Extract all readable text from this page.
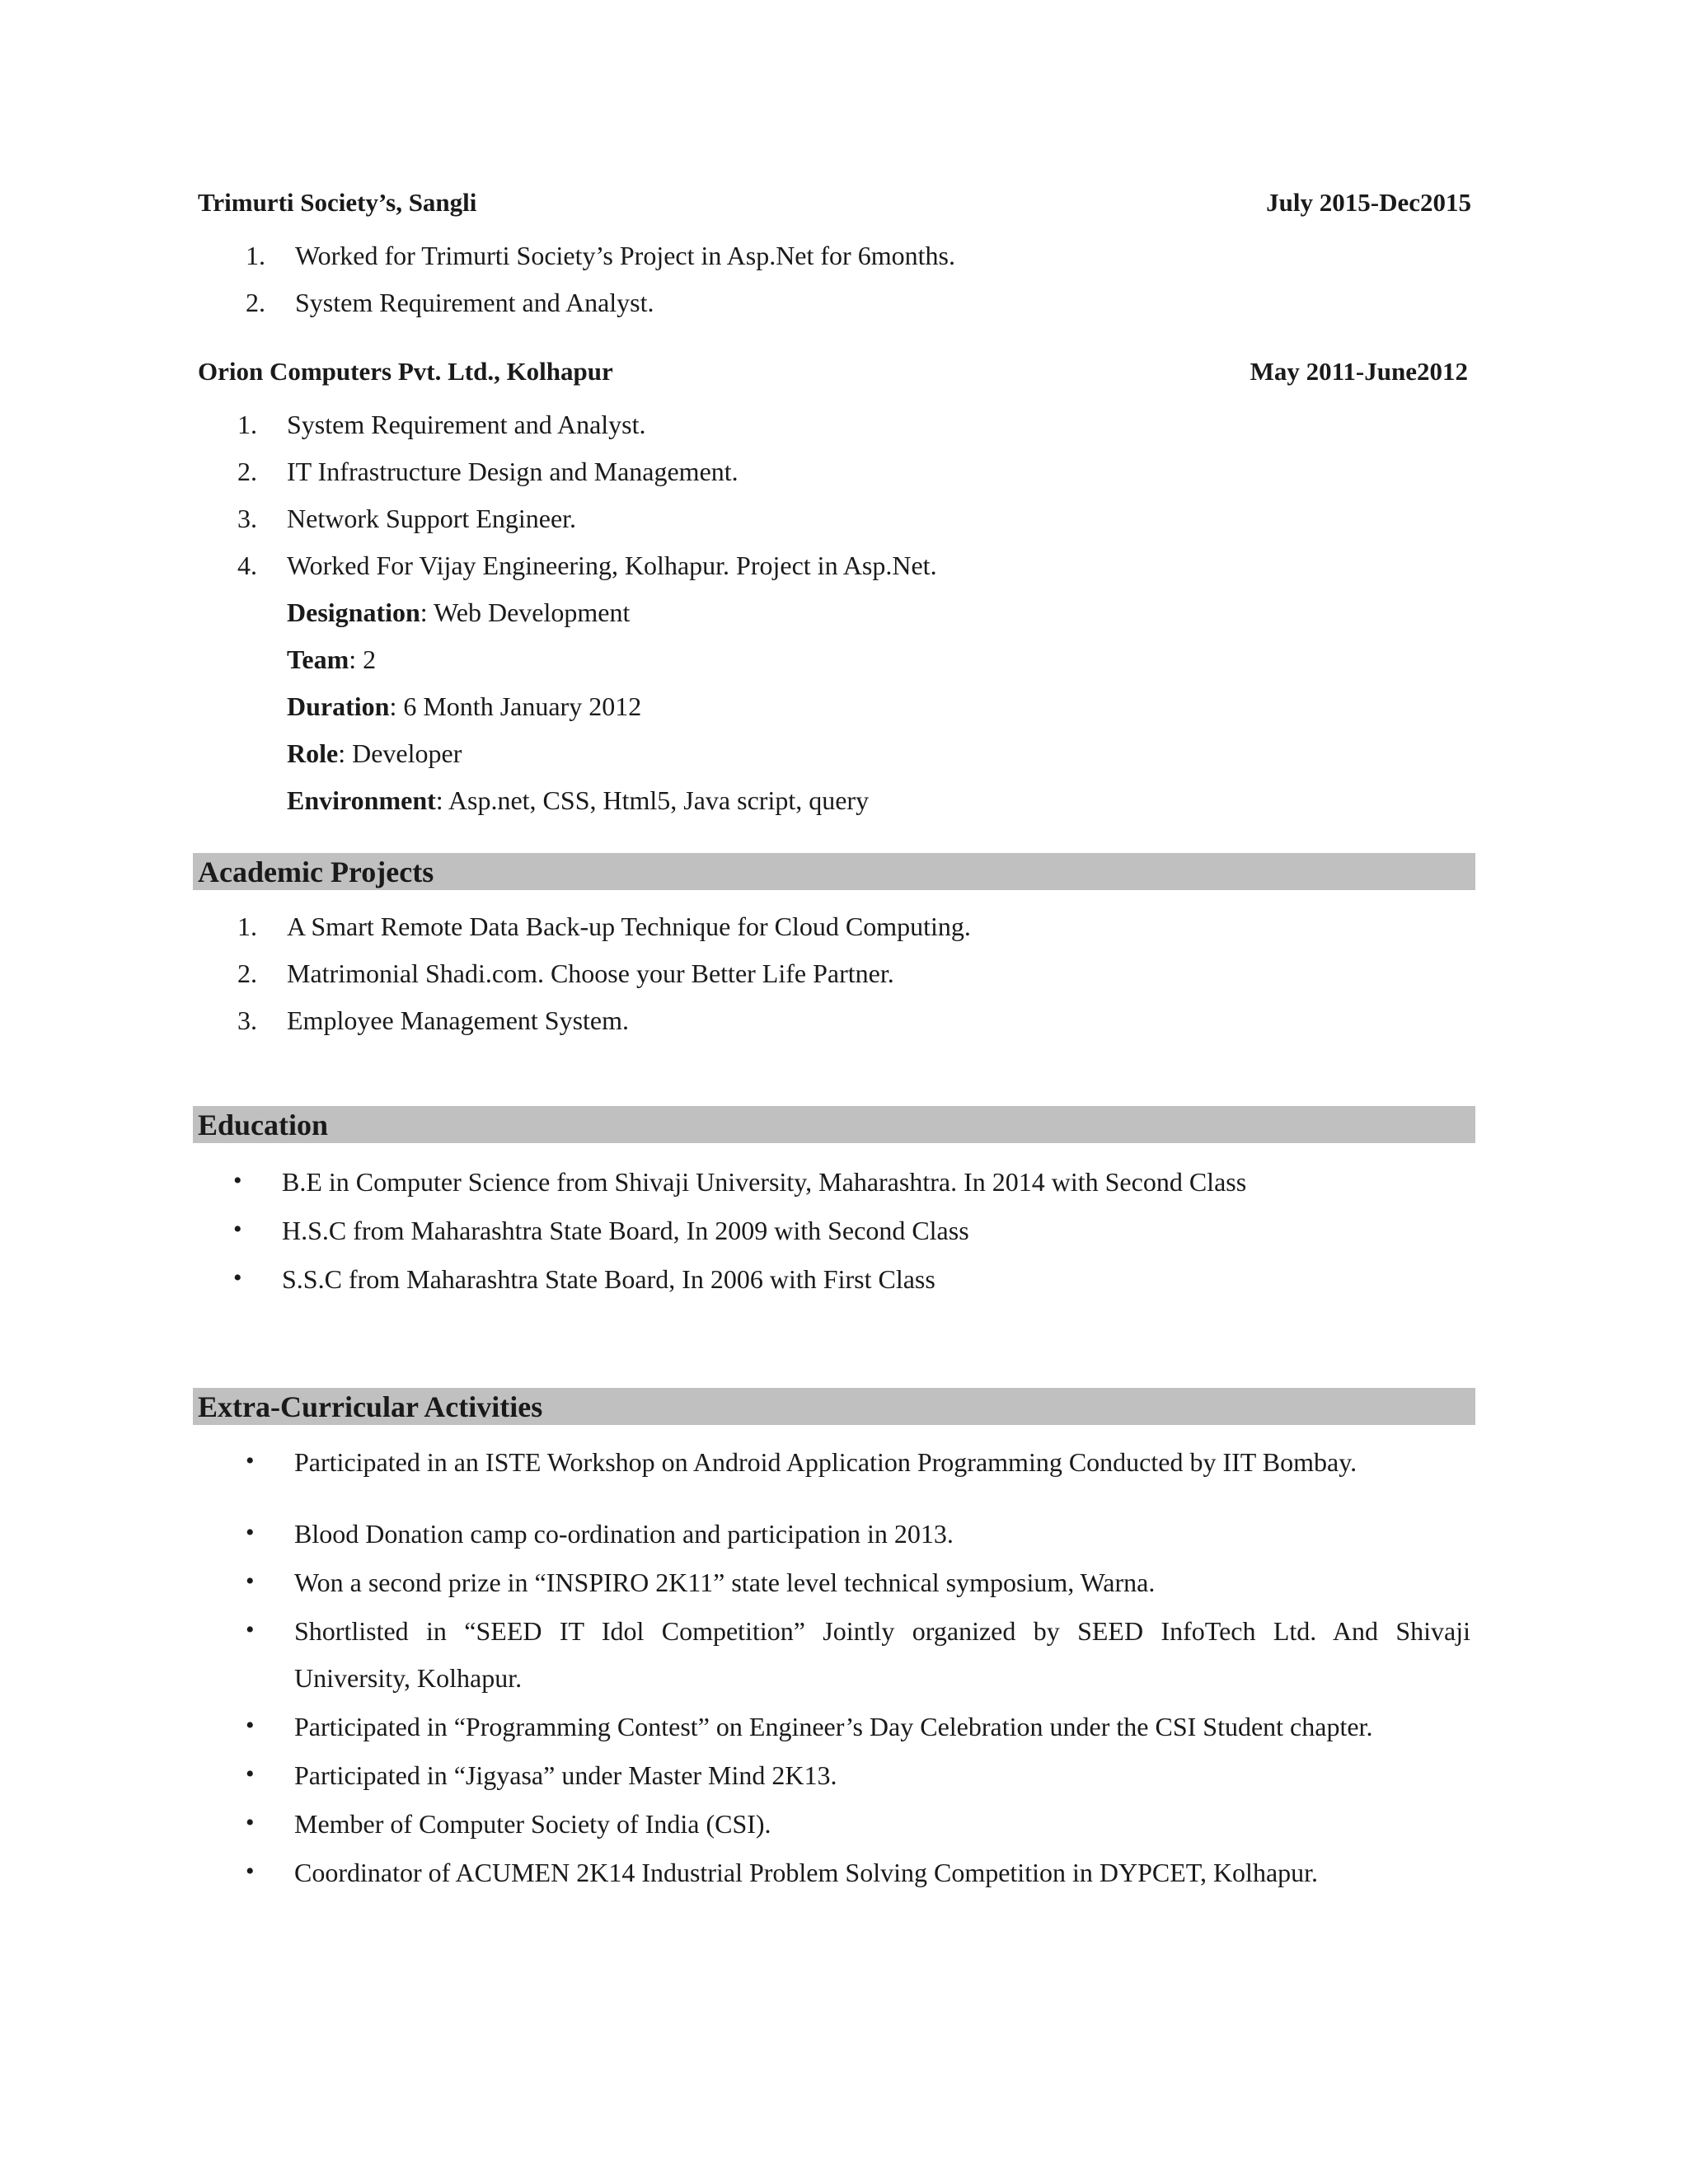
Trimurti Society’s, Sangli	July 2015-Dec2015
1. Worked for Trimurti Society’s Project in Asp.Net for 6months.
2. System Requirement and Analyst.
Orion Computers Pvt. Ltd., Kolhapur	May 2011-June2012
1. System Requirement and Analyst.
2. IT Infrastructure Design and Management.
3. Network Support Engineer.
4. Worked For Vijay Engineering, Kolhapur. Project in Asp.Net.
Designation: Web Development
Team: 2
Duration: 6 Month January 2012
Role: Developer
Environment: Asp.net, CSS, Html5, Java script, query
Academic Projects
1. A Smart Remote Data Back-up Technique for Cloud Computing.
2. Matrimonial Shadi.com. Choose your Better Life Partner.
3. Employee Management System.
Education
• B.E in Computer Science from Shivaji University, Maharashtra. In 2014 with Second Class
• H.S.C from Maharashtra State Board, In 2009 with Second Class
• S.S.C from Maharashtra State Board, In 2006 with First Class
Extra-Curricular Activities
• Participated in an ISTE Workshop on Android Application Programming Conducted by IIT Bombay.
• Blood Donation camp co-ordination and participation in 2013.
• Won a second prize in “INSPIRO 2K11” state level technical symposium, Warna.
• Shortlisted in “SEED IT Idol Competition” Jointly organized by SEED InfoTech Ltd. And Shivaji
University, Kolhapur.
• Participated in “Programming Contest” on Engineer’s Day Celebration under the CSI Student chapter.
• Participated in “Jigyasa” under Master Mind 2K13.
• Member of Computer Society of India (CSI).
• Coordinator of ACUMEN 2K14 Industrial Problem Solving Competition in DYPCET, Kolhapur.
